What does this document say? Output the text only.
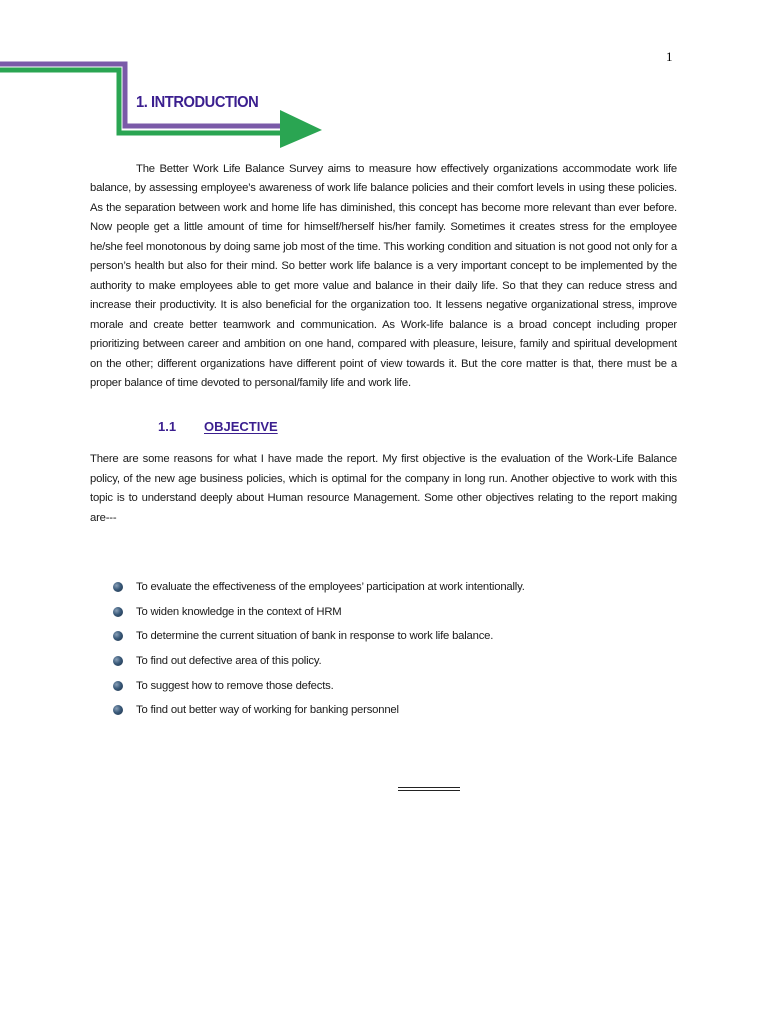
1
1. INTRODUCTION

The Better Work Life Balance Survey aims to measure how effectively organizations accommodate work life balance, by assessing employee’s awareness of work life balance policies and their comfort levels in using these policies. As the separation between work and home life has diminished, this concept has become more relevant than ever before. Now people get a little amount of time for himself/herself his/her family. Sometimes it creates stress for the employee he/she feel monotonous by doing same job most of the time. This working condition and situation is not good not only for a person’s health but also for their mind. So better work life balance is a very important concept to be implemented by the authority to make employees able to get more value and balance in their daily life. So that they can reduce stress and increase their productivity. It is also beneficial for the organization too. It lessens negative organizational stress, improve morale and create better teamwork and communication. As Work-life balance is a broad concept including proper prioritizing between career and ambition on one hand, compared with pleasure, leisure, family and spiritual development on the other; different organizations have different point of view towards it. But the core matter is that, there must be a proper balance of time devoted to personal/family life and work life.

1.1 OBJECTIVE

There are some reasons for what I have made the report. My first objective is the evaluation of the Work-Life Balance policy, of the new age business policies, which is optimal for the company in long run. Another objective to work with this topic is to understand deeply about Human resource Management. Some other objectives relating to the report making are---

To evaluate the effectiveness of the employees’ participation at work intentionally.
To widen knowledge in the context of HRM
To determine the current situation of bank in response to work life balance.
To find out defective area of this policy.
To suggest how to remove those defects.
To find out better way of working for banking personnel
